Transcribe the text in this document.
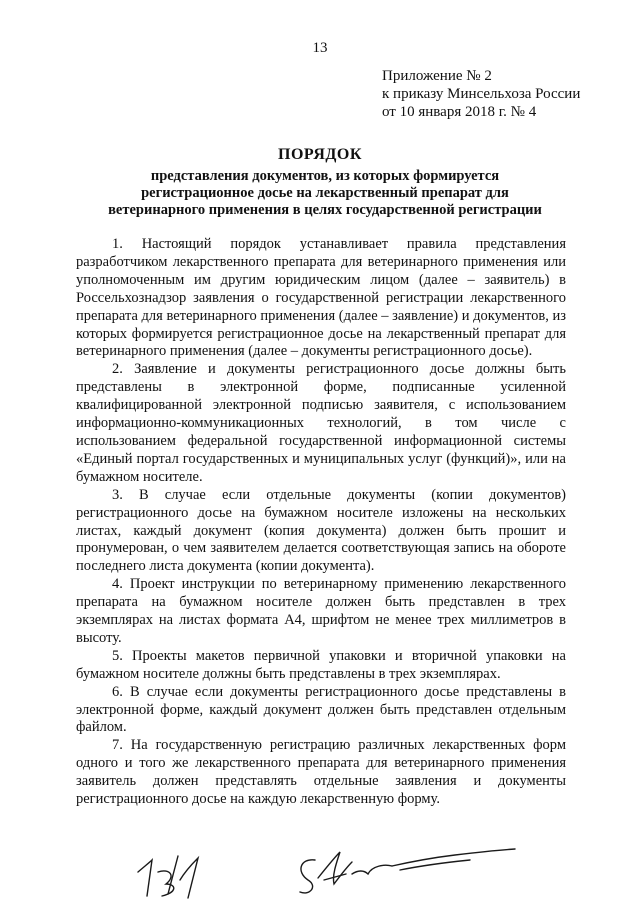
13
Приложение № 2
к приказу Минсельхоза России
от 10 января 2018 г. № 4
ПОРЯДОК
представления документов, из которых формируется
регистрационное досье на лекарственный препарат для
ветеринарного применения в целях государственной регистрации

1. Настоящий порядок устанавливает правила представления разработчиком лекарственного препарата для ветеринарного применения или уполномоченным им другим юридическим лицом (далее – заявитель) в Россельхознадзор заявления о государственной регистрации лекарственного препарата для ветеринарного применения (далее – заявление) и документов, из которых формируется регистрационное досье на лекарственный препарат для ветеринарного применения (далее – документы регистрационного досье).

2. Заявление и документы регистрационного досье должны быть представлены в электронной форме, подписанные усиленной квалифицированной электронной подписью заявителя, с использованием информационно-коммуникационных технологий, в том числе с использованием федеральной государственной информационной системы «Единый портал государственных и муниципальных услуг (функций)», или на бумажном носителе.

3. В случае если отдельные документы (копии документов) регистрационного досье на бумажном носителе изложены на нескольких листах, каждый документ (копия документа) должен быть прошит и пронумерован, о чем заявителем делается соответствующая запись на обороте последнего листа документа (копии документа).

4. Проект инструкции по ветеринарному применению лекарственного препарата на бумажном носителе должен быть представлен в трех экземплярах на листах формата А4, шрифтом не менее трех миллиметров в высоту.

5. Проекты макетов первичной упаковки и вторичной упаковки на бумажном носителе должны быть представлены в трех экземплярах.

6. В случае если документы регистрационного досье представлены в электронной форме, каждый документ должен быть представлен отдельным файлом.

7. На государственную регистрацию различных лекарственных форм одного и того же лекарственного препарата для ветеринарного применения заявитель должен представлять отдельные заявления и документы регистрационного досье на каждую лекарственную форму.
